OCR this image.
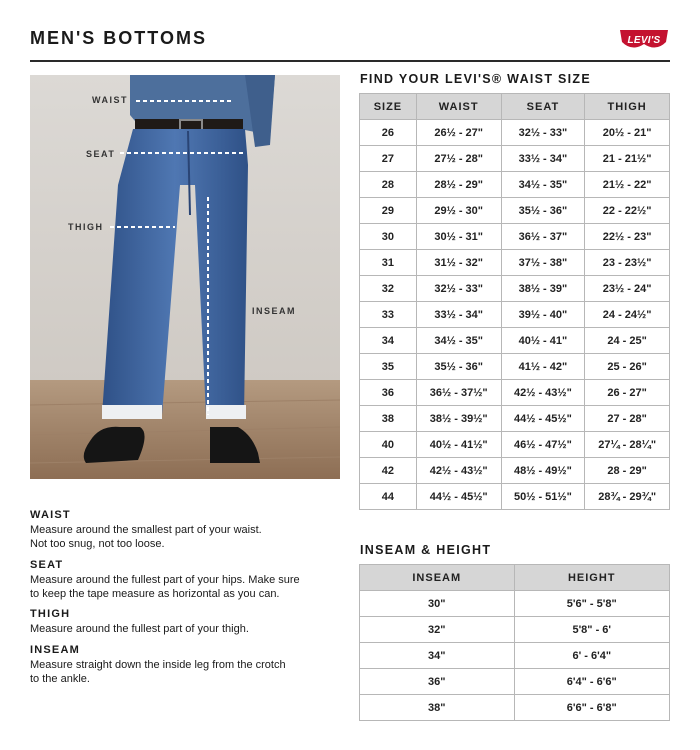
MEN'S BOTTOMS	LEVI'S
WAIST
SEAT
THIGH
INSEAM
FIND YOUR LEVI'S® WAIST SIZE
SIZE	WAIST	SEAT	THIGH
26	26½ - 27"	32½ - 33"	20½ - 21"
27	27½ - 28"	33½ - 34"	21 - 21½"
28	28½ - 29"	34½ - 35"	21½ - 22"
29	29½ - 30"	35½ - 36"	22 - 22½"
30	30½ - 31"	36½ - 37"	22½ - 23"
31	31½ - 32"	37½ - 38"	23 - 23½"
32	32½ - 33"	38½ - 39"	23½ - 24"
33	33½ - 34"	39½ - 40"	24 - 24½"
34	34½ - 35"	40½ - 41"	24 - 25"
35	35½ - 36"	41½ - 42"	25 - 26"
36	36½ - 37½"	42½ - 43½"	26 - 27"
38	38½ - 39½"	44½ - 45½"	27 - 28"
40	40½ - 41½"	46½ - 47½"	27¼ - 28¼"
42	42½ - 43½"	48½ - 49½"	28 - 29"
44	44½ - 45½"	50½ - 51½"	28¾ - 29¾"
INSEAM & HEIGHT
INSEAM	HEIGHT
30"	5'6" - 5'8"
32"	5'8" - 6'
34"	6' - 6'4"
36"	6'4" - 6'6"
38"	6'6" - 6'8"
WAIST
Measure around the smallest part of your waist.
Not too snug, not too loose.
SEAT
Measure around the fullest part of your hips. Make sure
to keep the tape measure as horizontal as you can.
THIGH
Measure around the fullest part of your thigh.
INSEAM
Measure straight down the inside leg from the crotch
to the ankle.
